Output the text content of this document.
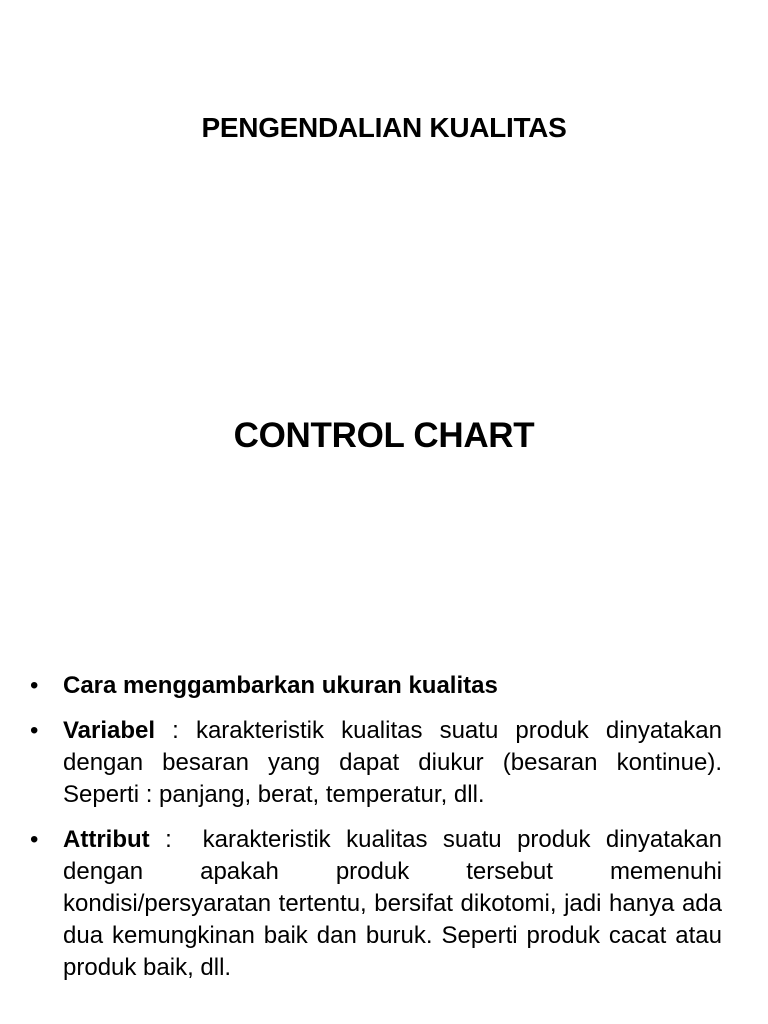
PENGENDALIAN KUALITAS
CONTROL CHART
•	Cara menggambarkan ukuran kualitas
•	Variabel : karakteristik kualitas suatu produk dinyatakan dengan besaran yang dapat diukur (besaran kontinue). Seperti : panjang, berat, temperatur, dll.
•	Attribut :  karakteristik kualitas suatu produk dinyatakan dengan apakah produk tersebut memenuhi kondisi/persyaratan tertentu, bersifat dikotomi, jadi hanya ada dua kemungkinan baik dan buruk. Seperti produk cacat atau produk baik, dll.
